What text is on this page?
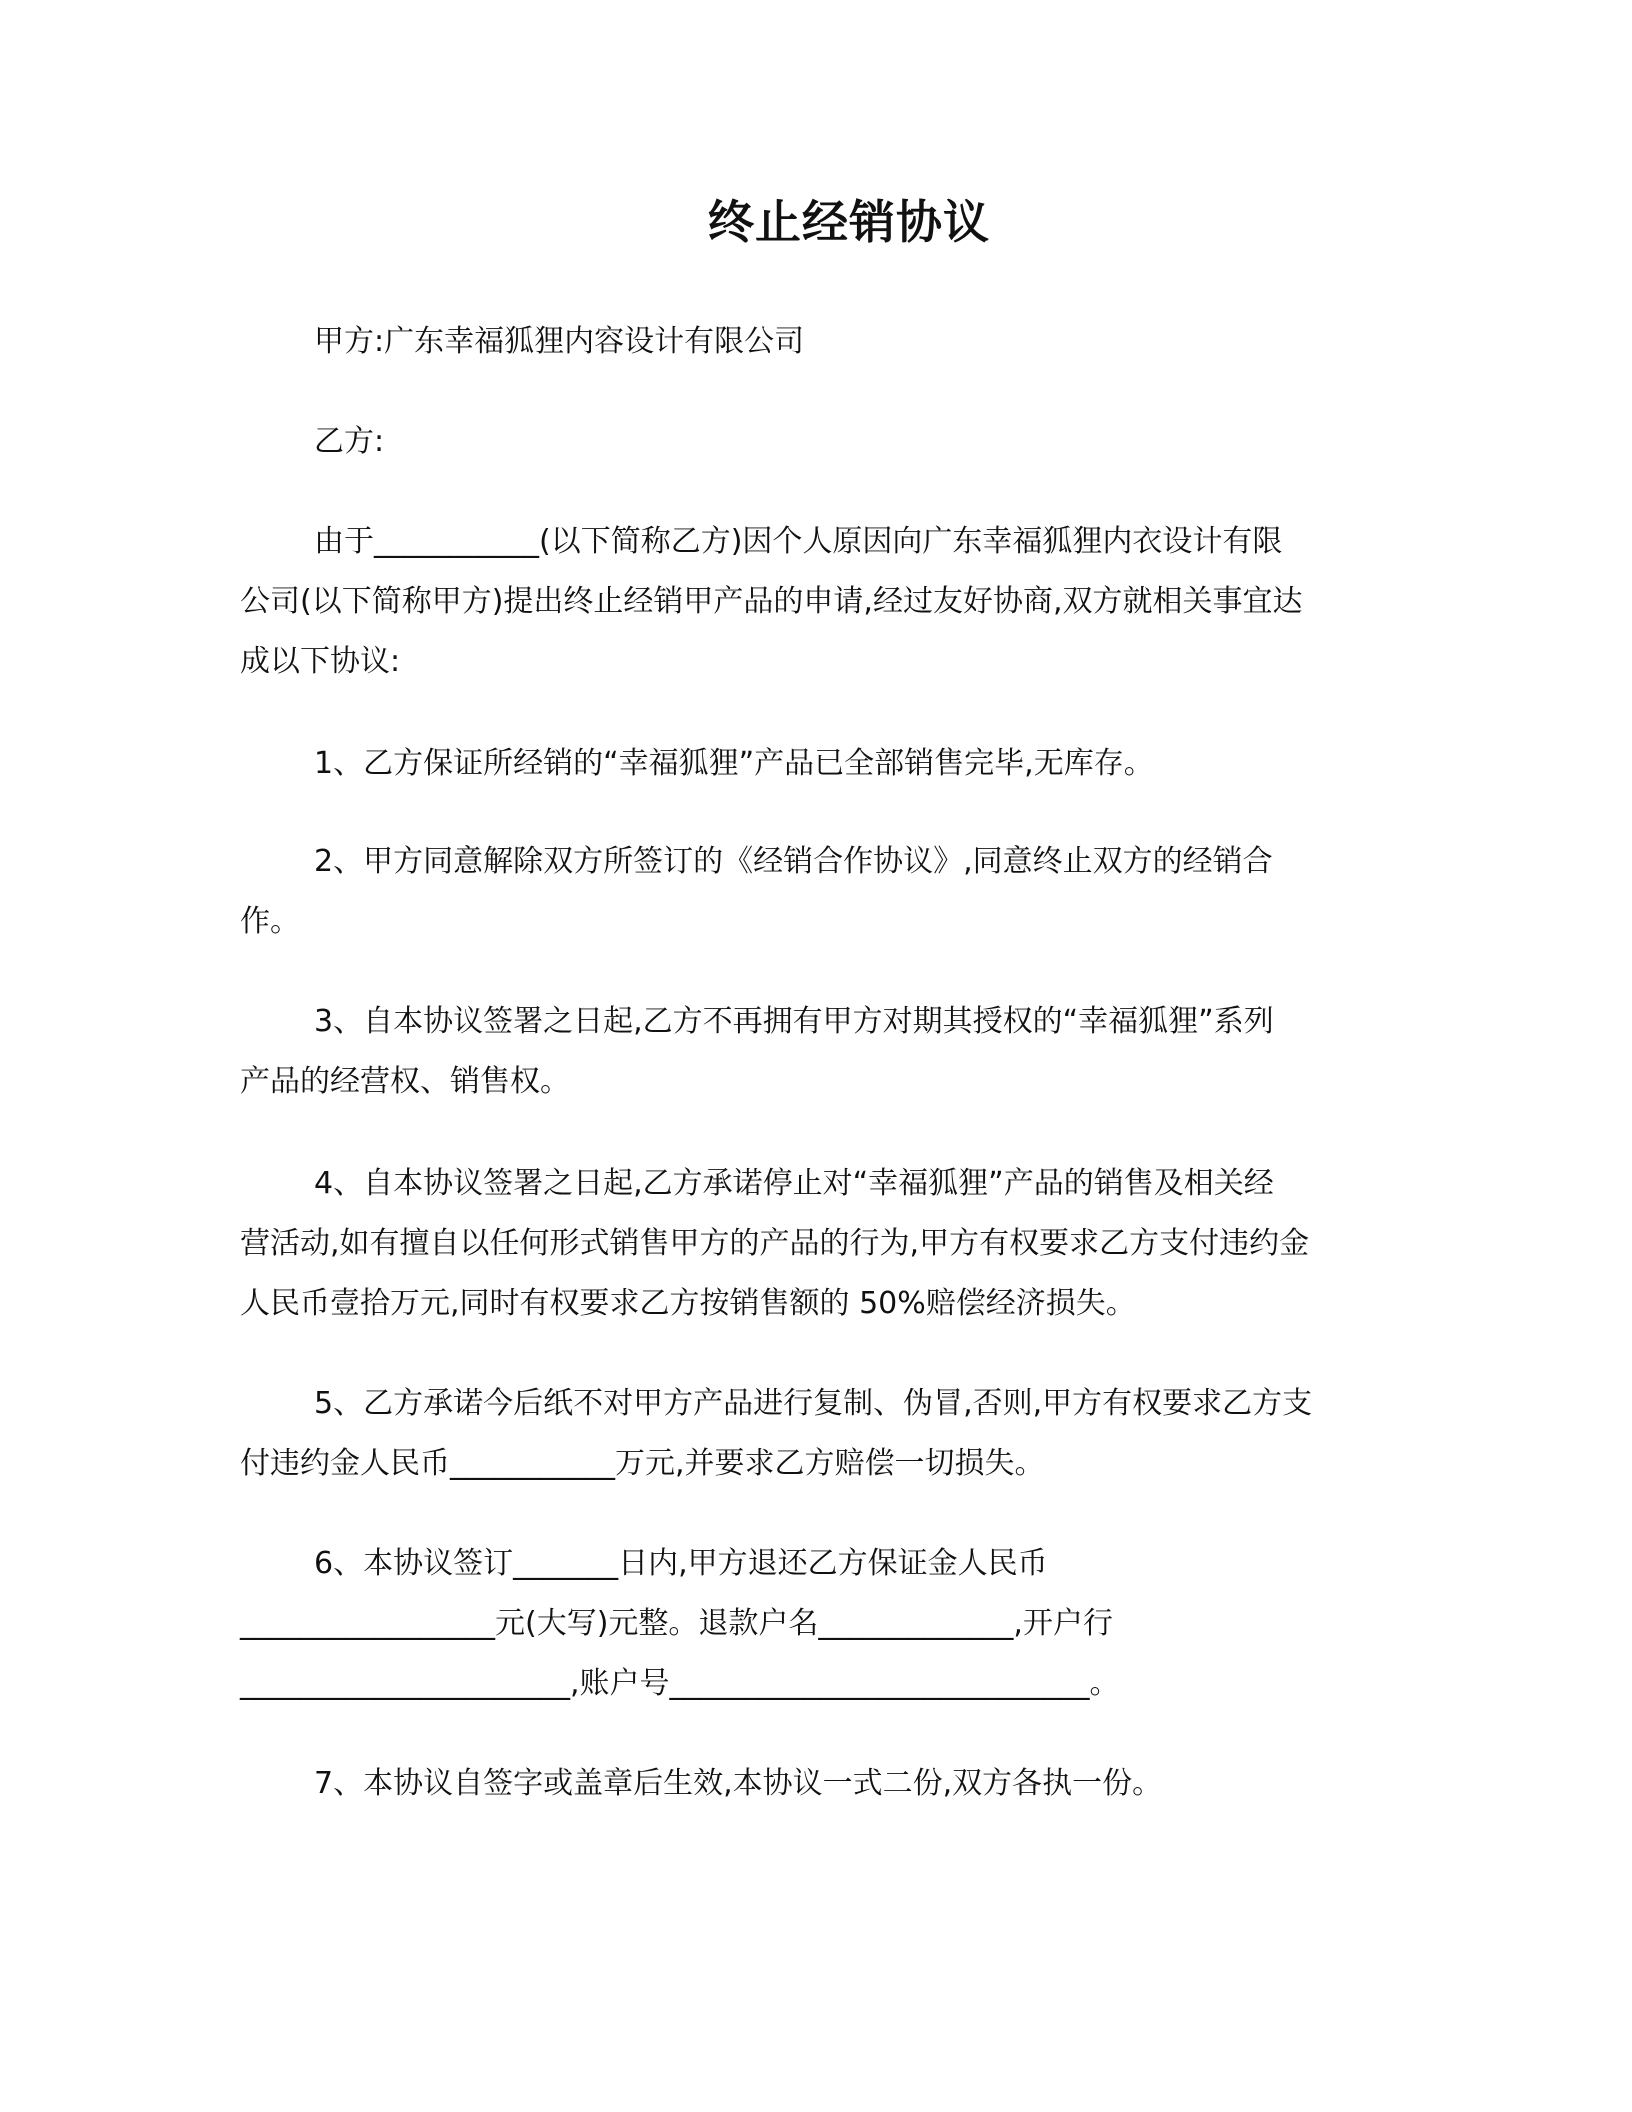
终止经销协议

甲方:广东幸福狐狸内容设计有限公司

乙方:

由于___________(以下简称乙方)因个人原因向广东幸福狐狸内衣设计有限

公司(以下简称甲方)提出终止经销甲产品的申请,经过友好协商,双方就相关事宜达

成以下协议:

1、乙方保证所经销的“幸福狐狸”产品已全部销售完毕,无库存。

2、甲方同意解除双方所签订的《经销合作协议》,同意终止双方的经销合

作。

3、自本协议签署之日起,乙方不再拥有甲方对期其授权的“幸福狐狸”系列

产品的经营权、销售权。

4、自本协议签署之日起,乙方承诺停止对“幸福狐狸”产品的销售及相关经

营活动,如有擅自以任何形式销售甲方的产品的行为,甲方有权要求乙方支付违约金

人民币壹拾万元,同时有权要求乙方按销售额的 50%赔偿经济损失。

5、乙方承诺今后纸不对甲方产品进行复制、伪冒,否则,甲方有权要求乙方支

付违约金人民币___________万元,并要求乙方赔偿一切损失。

6、本协议签订_______日内,甲方退还乙方保证金人民币

_________________元(大写)元整。退款户名_____________,开户行

______________________,账户号____________________________。

7、本协议自签字或盖章后生效,本协议一式二份,双方各执一份。
